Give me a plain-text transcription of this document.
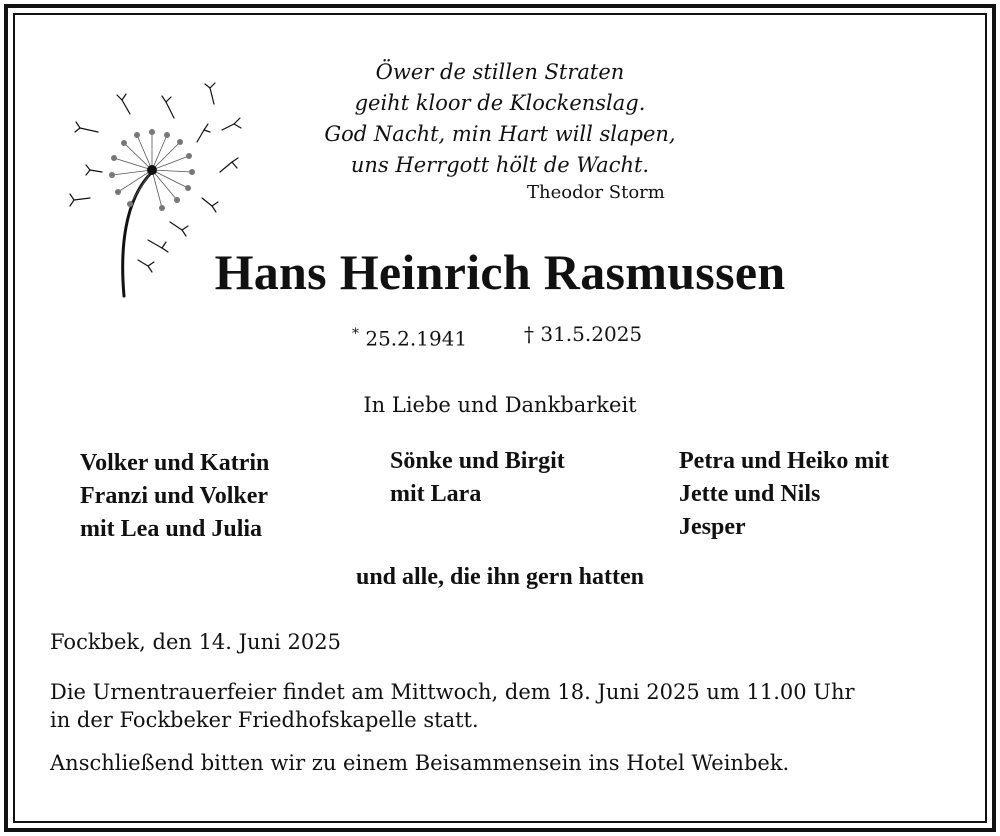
Öwer de stillen Straten
geiht kloor de Klockenslag.
God Nacht, min Hart will slapen,
uns Herrgott hölt de Wacht.
Theodor Storm
Hans Heinrich Rasmussen
* 25.2.1941	† 31.5.2025
In Liebe und Dankbarkeit
Volker und Katrin
Franzi und Volker
mit Lea und Julia
Sönke und Birgit
mit Lara
Petra und Heiko mit
Jette und Nils
Jesper
und alle, die ihn gern hatten
Fockbek, den 14. Juni 2025
Die Urnentrauerfeier findet am Mittwoch, dem 18. Juni 2025 um 11.00 Uhr
in der Fockbeker Friedhofskapelle statt.
Anschließend bitten wir zu einem Beisammensein ins Hotel Weinbek.
